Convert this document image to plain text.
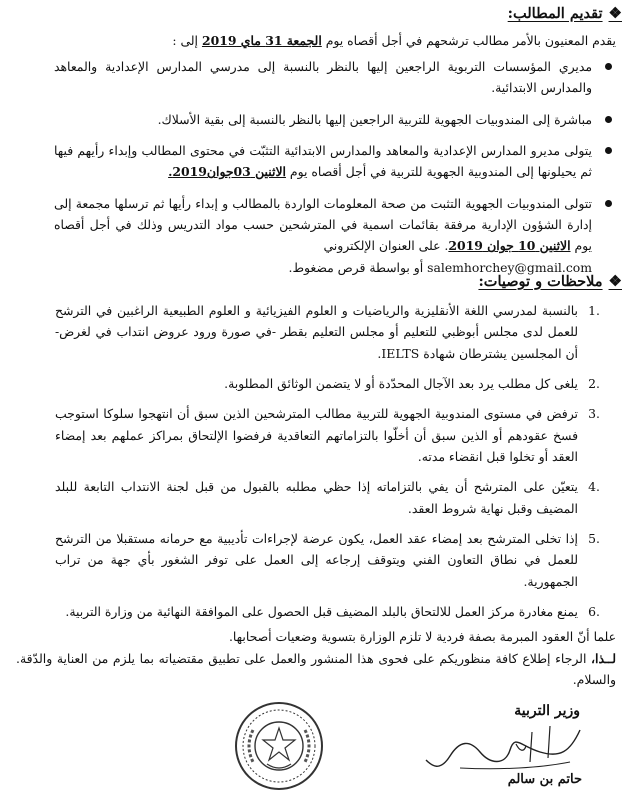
❖
تقديم المطالب:

يقدم المعنيون بالأمر مطالب ترشحهم في أجل أقصاه يوم الجمعة 31 ماي 2019 إلى :

مديري المؤسسات التربوية الراجعين إليها بالنظر بالنسبة إلى مدرسي المدارس الإعدادية والمعاهد والمدارس الابتدائية.
مباشرة إلى المندوبيات الجهوية للتربية الراجعين إليها بالنظر بالنسبة إلى بقية الأسلاك.
يتولى مديرو المدارس الإعدادية والمعاهد والمدارس الابتدائية التثبّت في محتوى المطالب وإبداء رأيهم فيها ثم يحيلونها إلى المندوبية الجهوية للتربية في أجل أقصاه يوم الاثنين 03جوان2019.
تتولى المندوبيات الجهوية التثبت من صحة المعلومات الواردة بالمطالب و إبداء رأيها ثم ترسلها مجمعة إلى إدارة الشؤون الإدارية مرفقة بقائمات اسمية في المترشحين حسب مواد التدريس وذلك في أجل أقصاه يوم الاثنين 10 جوان 2019. على العنوان الإلكتروني
salemhorchey@gmail.com أو بواسطة قرص مضغوط.
❖
ملاحظات و توصيات:
.1
بالنسبة لمدرسي اللغة الأنقليزية والرياضيات و العلوم الفيزيائية و العلوم الطبيعية الراغبين في الترشح للعمل لدى مجلس أبوظبي للتعليم أو مجلس التعليم بقطر -في صورة ورود عروض انتداب في لغرض- أن المجلسين يشترطان شهادة IELTS.
.2
يلغى كل مطلب يرد بعد الآجال المحدّدة أو لا يتضمن الوثائق المطلوبة.
.3
ترفض في مستوى المندوبية الجهوية للتربية مطالب المترشحين الذين سبق أن انتهجوا سلوكا استوجب فسخ عقودهم أو الذين سبق أن أخلّوا بالتزاماتهم التعاقدية فرفضوا الإلتحاق بمراكز عملهم بعد إمضاء العقد أو تخلوا قبل انقضاء مدته.
.4
يتعيّن على المترشح أن يفي بالتزاماته إذا حظي مطلبه بالقبول من قبل لجنة الانتداب التابعة للبلد المضيف وقبل نهاية شروط العقد.
.5
إذا تخلى المترشح بعد إمضاء عقد العمل، يكون عرضة لإجراءات تأديبية مع حرمانه مستقبلا من الترشح للعمل في نطاق التعاون الفني ويتوقف إرجاعه إلى العمل على توفر الشغور بأي جهة من تراب الجمهورية.
.6
يمنع مغادرة مركز العمل للالتحاق بالبلد المضيف قبل الحصول على الموافقة النهائية من وزارة التربية.

علما أنّ العقود المبرمة بصفة فردية لا تلزم الوزارة بتسوية وضعيات أصحابها.

لــذا، الرجاء إطلاع كافة منظوريكم على فحوى هذا المنشور والعمل على تطبيق مقتضياته بما يلزم من العناية والدّقة. والسلام.

وزير التربية
حاتم بن سالم
